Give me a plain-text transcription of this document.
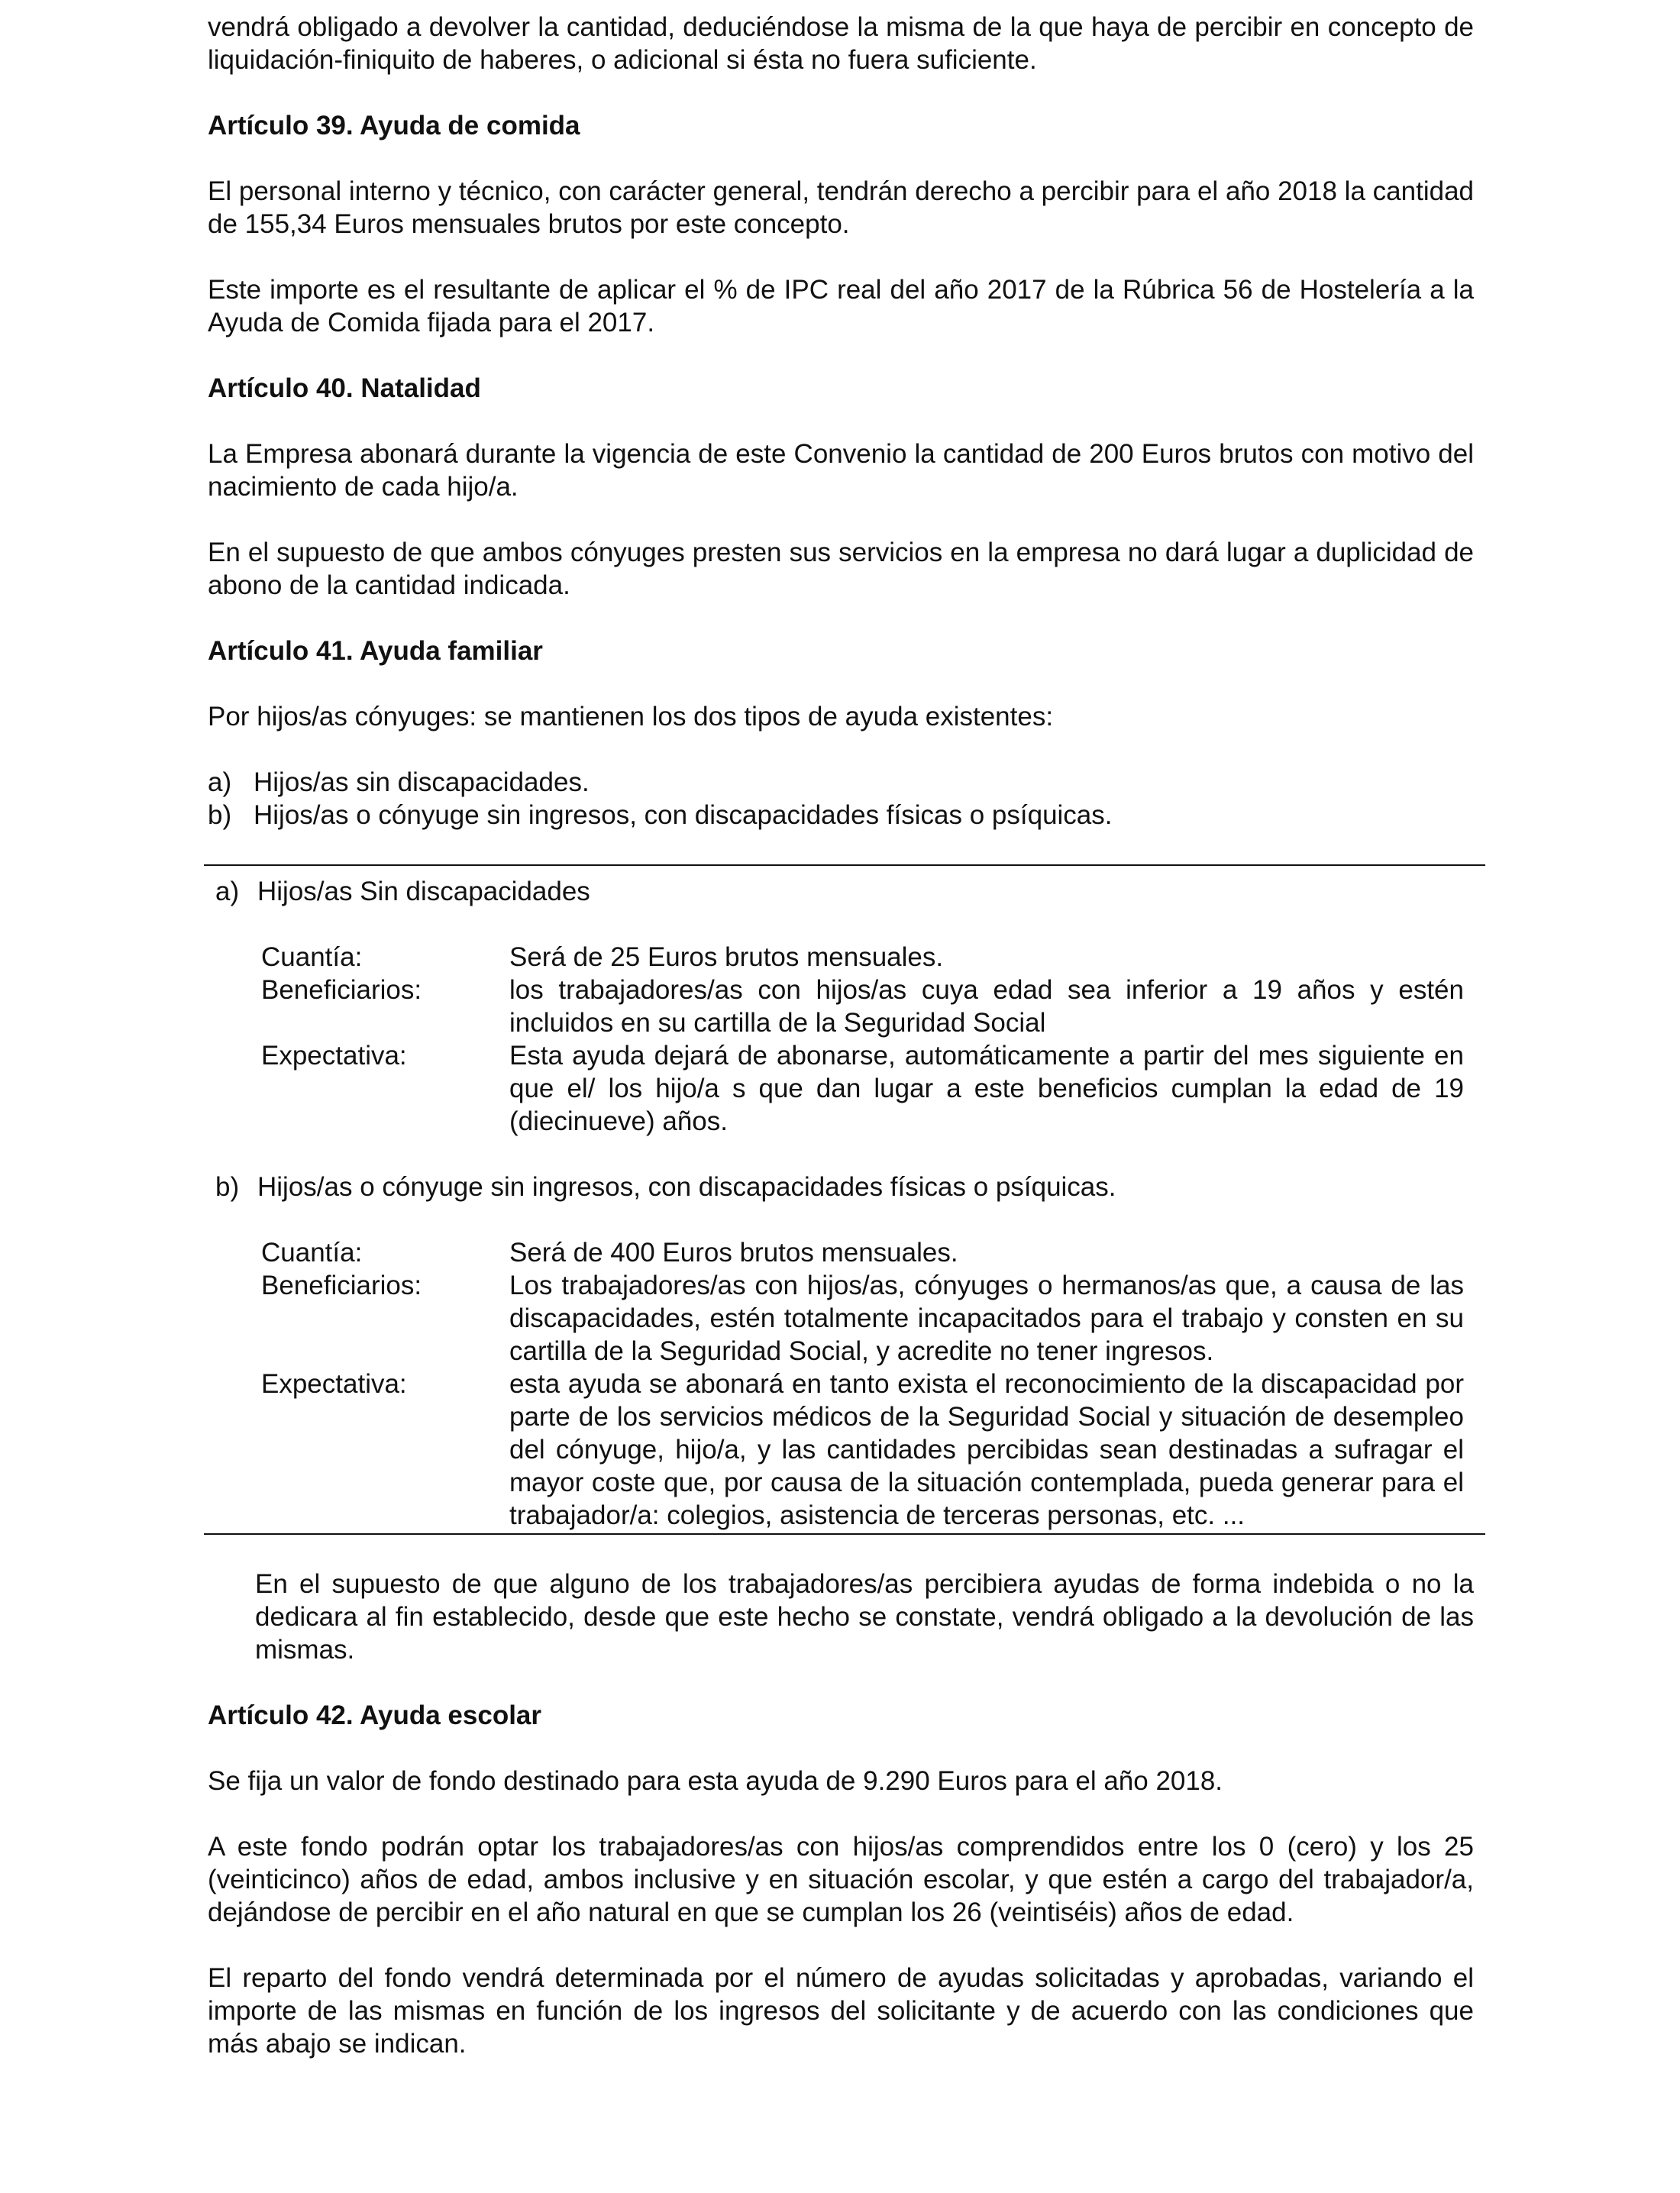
vendrá obligado a devolver la cantidad, deduciéndose la misma de la que haya de percibir en concepto de liquidación-finiquito de haberes, o adicional si ésta no fuera suficiente.

Artículo 39. Ayuda de comida

El personal interno y técnico, con carácter general, tendrán derecho a percibir para el año 2018 la cantidad de 155,34 Euros mensuales brutos por este concepto.

Este importe es el resultante de aplicar el % de IPC real del año 2017 de la Rúbrica 56 de Hostelería a la Ayuda de Comida fijada para el 2017.

Artículo 40. Natalidad

La Empresa abonará durante la vigencia de este Convenio la cantidad de 200 Euros brutos con motivo del nacimiento de cada hijo/a.

En el supuesto de que ambos cónyuges presten sus servicios en la empresa no dará lugar a duplicidad de abono de la cantidad indicada.

Artículo 41. Ayuda familiar

Por hijos/as cónyuges: se mantienen los dos tipos de ayuda existentes:

a) Hijos/as sin discapacidades.
b) Hijos/as o cónyuge sin ingresos, con discapacidades físicas o psíquicas.
a) Hijos/as Sin discapacidades
Cuantía:	Será de 25 Euros brutos mensuales.
Beneficiarios:	los trabajadores/as con hijos/as cuya edad sea inferior a 19 años y estén incluidos en su cartilla de la Seguridad Social
Expectativa:	Esta ayuda dejará de abonarse, automáticamente a partir del mes siguiente en que el/ los hijo/a s que dan lugar a este beneficios cumplan la edad de 19 (diecinueve) años.
b) Hijos/as o cónyuge sin ingresos, con discapacidades físicas o psíquicas.
Cuantía:	Será de 400 Euros brutos mensuales.
Beneficiarios:	Los trabajadores/as con hijos/as, cónyuges o hermanos/as que, a causa de las discapacidades, estén totalmente incapacitados para el trabajo y consten en su cartilla de la Seguridad Social, y acredite no tener ingresos.
Expectativa:	esta ayuda se abonará en tanto exista el reconocimiento de la discapacidad por parte de los servicios médicos de la Seguridad Social y situación de desempleo del cónyuge, hijo/a, y las cantidades percibidas sean destinadas a sufragar el mayor coste que, por causa de la situación contemplada, pueda generar para el trabajador/a: colegios, asistencia de terceras personas, etc. ...

En el supuesto de que alguno de los trabajadores/as percibiera ayudas de forma indebida o no la dedicara al fin establecido, desde que este hecho se constate, vendrá obligado a la devolución de las mismas.

Artículo 42. Ayuda escolar

Se fija un valor de fondo destinado para esta ayuda de 9.290 Euros para el año 2018.

A este fondo podrán optar los trabajadores/as con hijos/as comprendidos entre los 0 (cero) y los 25 (veinticinco) años de edad, ambos inclusive y en situación escolar, y que estén a cargo del trabajador/a, dejándose de percibir en el año natural en que se cumplan los 26 (veintiséis) años de edad.

El reparto del fondo vendrá determinada por el número de ayudas solicitadas y aprobadas, variando el importe de las mismas en función de los ingresos del solicitante y de acuerdo con las condiciones que más abajo se indican.
